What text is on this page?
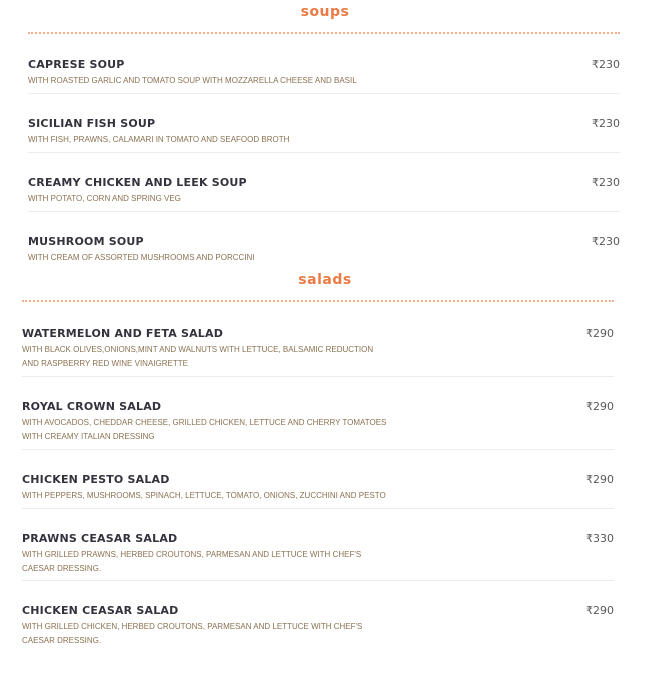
soups
CAPRESE SOUP
WITH ROASTED GARLIC AND TOMATO SOUP WITH MOZZARELLA CHEESE AND BASIL
₹230
SICILIAN FISH SOUP
WITH FISH, PRAWNS, CALAMARI IN TOMATO AND SEAFOOD BROTH
₹230
CREAMY CHICKEN AND LEEK SOUP
WITH POTATO, CORN AND SPRING VEG
₹230
MUSHROOM SOUP
WITH CREAM OF ASSORTED MUSHROOMS AND PORCCINI
₹230
salads
WATERMELON AND FETA SALAD
WITH BLACK OLIVES,ONIONS,MINT AND WALNUTS WITH LETTUCE, BALSAMIC REDUCTION AND RASPBERRY RED WINE VINAIGRETTE
₹290
ROYAL CROWN SALAD
WITH AVOCADOS, CHEDDAR CHEESE, GRILLED CHICKEN, LETTUCE AND CHERRY TOMATOES WITH CREAMY ITALIAN DRESSING
₹290
CHICKEN PESTO SALAD
WITH PEPPERS, MUSHROOMS, SPINACH, LETTUCE, TOMATO, ONIONS, ZUCCHINI AND PESTO
₹290
PRAWNS CEASAR SALAD
WITH GRILLED PRAWNS, HERBED CROUTONS, PARMESAN AND LETTUCE WITH CHEF'S CAESAR DRESSING.
₹330
CHICKEN CEASAR SALAD
WITH GRILLED CHICKEN, HERBED CROUTONS, PARMESAN AND LETTUCE WITH CHEF'S CAESAR DRESSING.
₹290
